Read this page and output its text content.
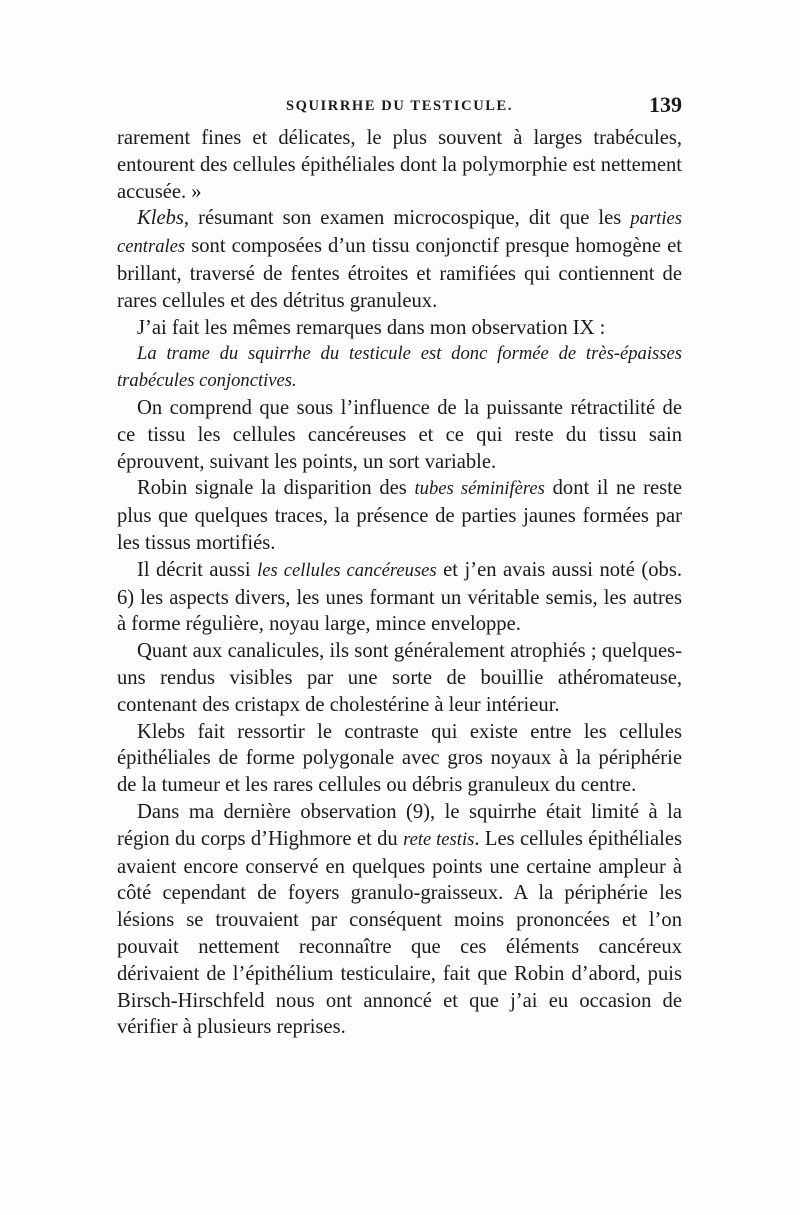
SQUIRRHE DU TESTICULE.	139

rarement fines et délicates, le plus souvent à larges trabécules, entourent des cellules épithéliales dont la polymorphie est nettement accusée. »

Klebs, résumant son examen microcospique, dit que les parties centrales sont composées d’un tissu conjonctif presque homogène et brillant, traversé de fentes étroites et ramifiées qui contiennent de rares cellules et des détritus granuleux.

J’ai fait les mêmes remarques dans mon observation IX :

La trame du squirrhe du testicule est donc formée de très-épaisses trabécules conjonctives.

On comprend que sous l’influence de la puissante rétractilité de ce tissu les cellules cancéreuses et ce qui reste du tissu sain éprouvent, suivant les points, un sort variable.

Robin signale la disparition des tubes séminifères dont il ne reste plus que quelques traces, la présence de parties jaunes formées par les tissus mortifiés.

Il décrit aussi les cellules cancéreuses et j’en avais aussi noté (obs. 6) les aspects divers, les unes formant un véritable semis, les autres à forme régulière, noyau large, mince enveloppe.

Quant aux canalicules, ils sont généralement atrophiés ; quelques-uns rendus visibles par une sorte de bouillie athéromateuse, contenant des cristapx de cholestérine à leur intérieur.

Klebs fait ressortir le contraste qui existe entre les cellules épithéliales de forme polygonale avec gros noyaux à la périphérie de la tumeur et les rares cellules ou débris granuleux du centre.

Dans ma dernière observation (9), le squirrhe était limité à la région du corps d’Highmore et du rete testis. Les cellules épithéliales avaient encore conservé en quelques points une certaine ampleur à côté cependant de foyers granulo-graisseux. A la périphérie les lésions se trouvaient par conséquent moins prononcées et l’on pouvait nettement reconnaître que ces éléments cancéreux dérivaient de l’épithélium testiculaire, fait que Robin d’abord, puis Birsch-Hirschfeld nous ont annoncé et que j’ai eu occasion de vérifier à plusieurs reprises.
